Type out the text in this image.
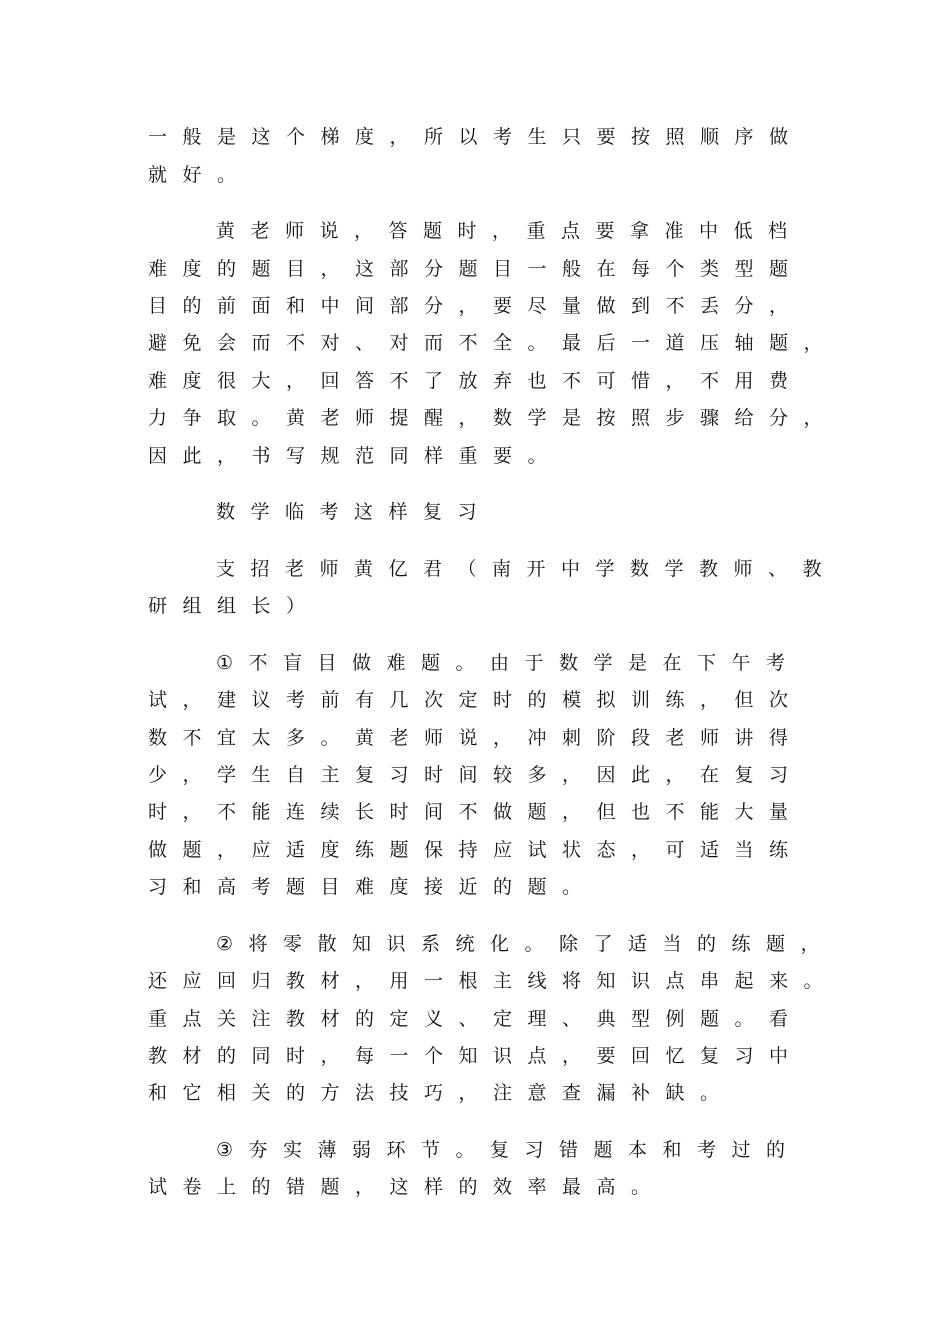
一般是这个梯度，所以考生只要按照顺序做
就好。
黄老师说，答题时，重点要拿准中低档
难度的题目，这部分题目一般在每个类型题
目的前面和中间部分，要尽量做到不丢分，
避免会而不对、对而不全。最后一道压轴题，
难度很大，回答不了放弃也不可惜，不用费
力争取。黄老师提醒，数学是按照步骤给分，
因此，书写规范同样重要。
数学临考这样复习
支招老师黄亿君（南开中学数学教师、教
研组组长）
①不盲目做难题。由于数学是在下午考
试，建议考前有几次定时的模拟训练，但次
数不宜太多。黄老师说，冲刺阶段老师讲得
少，学生自主复习时间较多，因此，在复习
时，不能连续长时间不做题，但也不能大量
做题，应适度练题保持应试状态，可适当练
习和高考题目难度接近的题。
②将零散知识系统化。除了适当的练题，
还应回归教材，用一根主线将知识点串起来。
重点关注教材的定义、定理、典型例题。看
教材的同时，每一个知识点，要回忆复习中
和它相关的方法技巧，注意查漏补缺。
③夯实薄弱环节。复习错题本和考过的
试卷上的错题，这样的效率最高。
